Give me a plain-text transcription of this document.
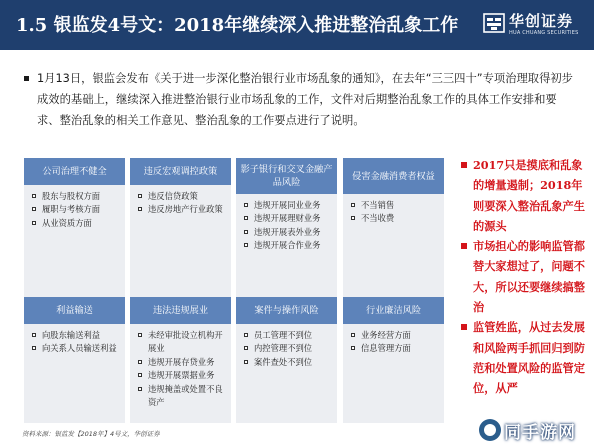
1.5 银监发4号文：2018年继续深入推进整治乱象工作	华创证券
HUA CHUANG SECURITIES
1月13日，银监会发布《关于进一步深化整治银行业市场乱象的通知》，在去年“三三四十”专项治理取得初步成效的基础上，继续深入推进整治银行业市场乱象的工作，文件对后期整治乱象工作的具体工作安排和要求、整治乱象的相关工作意见、整治乱象的工作要点进行了说明。
公司治理不健全
股东与股权方面
履职与考核方面
从业资质方面
违反宏观调控政策
违反信贷政策
违反房地产行业政策
影子银行和交叉金融产品风险
违规开展同业业务
违规开展理财业务
违规开展表外业务
违规开展合作业务
侵害金融消费者权益
不当销售
不当收费
利益输送
向股东输送利益
向关系人员输送利益
违法违规展业
未经审批设立机构开展业
违规开展存贷业务
违规开展票据业务
违规掩盖或处置不良资产
案件与操作风险
员工管理不到位
内控管理不到位
案件查处不到位
行业廉洁风险
业务经营方面
信息管理方面
2017只是摸底和乱象的增量遏制；2018年则要深入整治乱象产生的源头
市场担心的影响监管都替大家想过了，问题不大，所以还要继续搞整治
监管姓监，从过去发展和风险两手抓回归到防范和处置风险的监管定位，从严
资料来源：银监发【2018年】4号文，华创证券	同手游网
